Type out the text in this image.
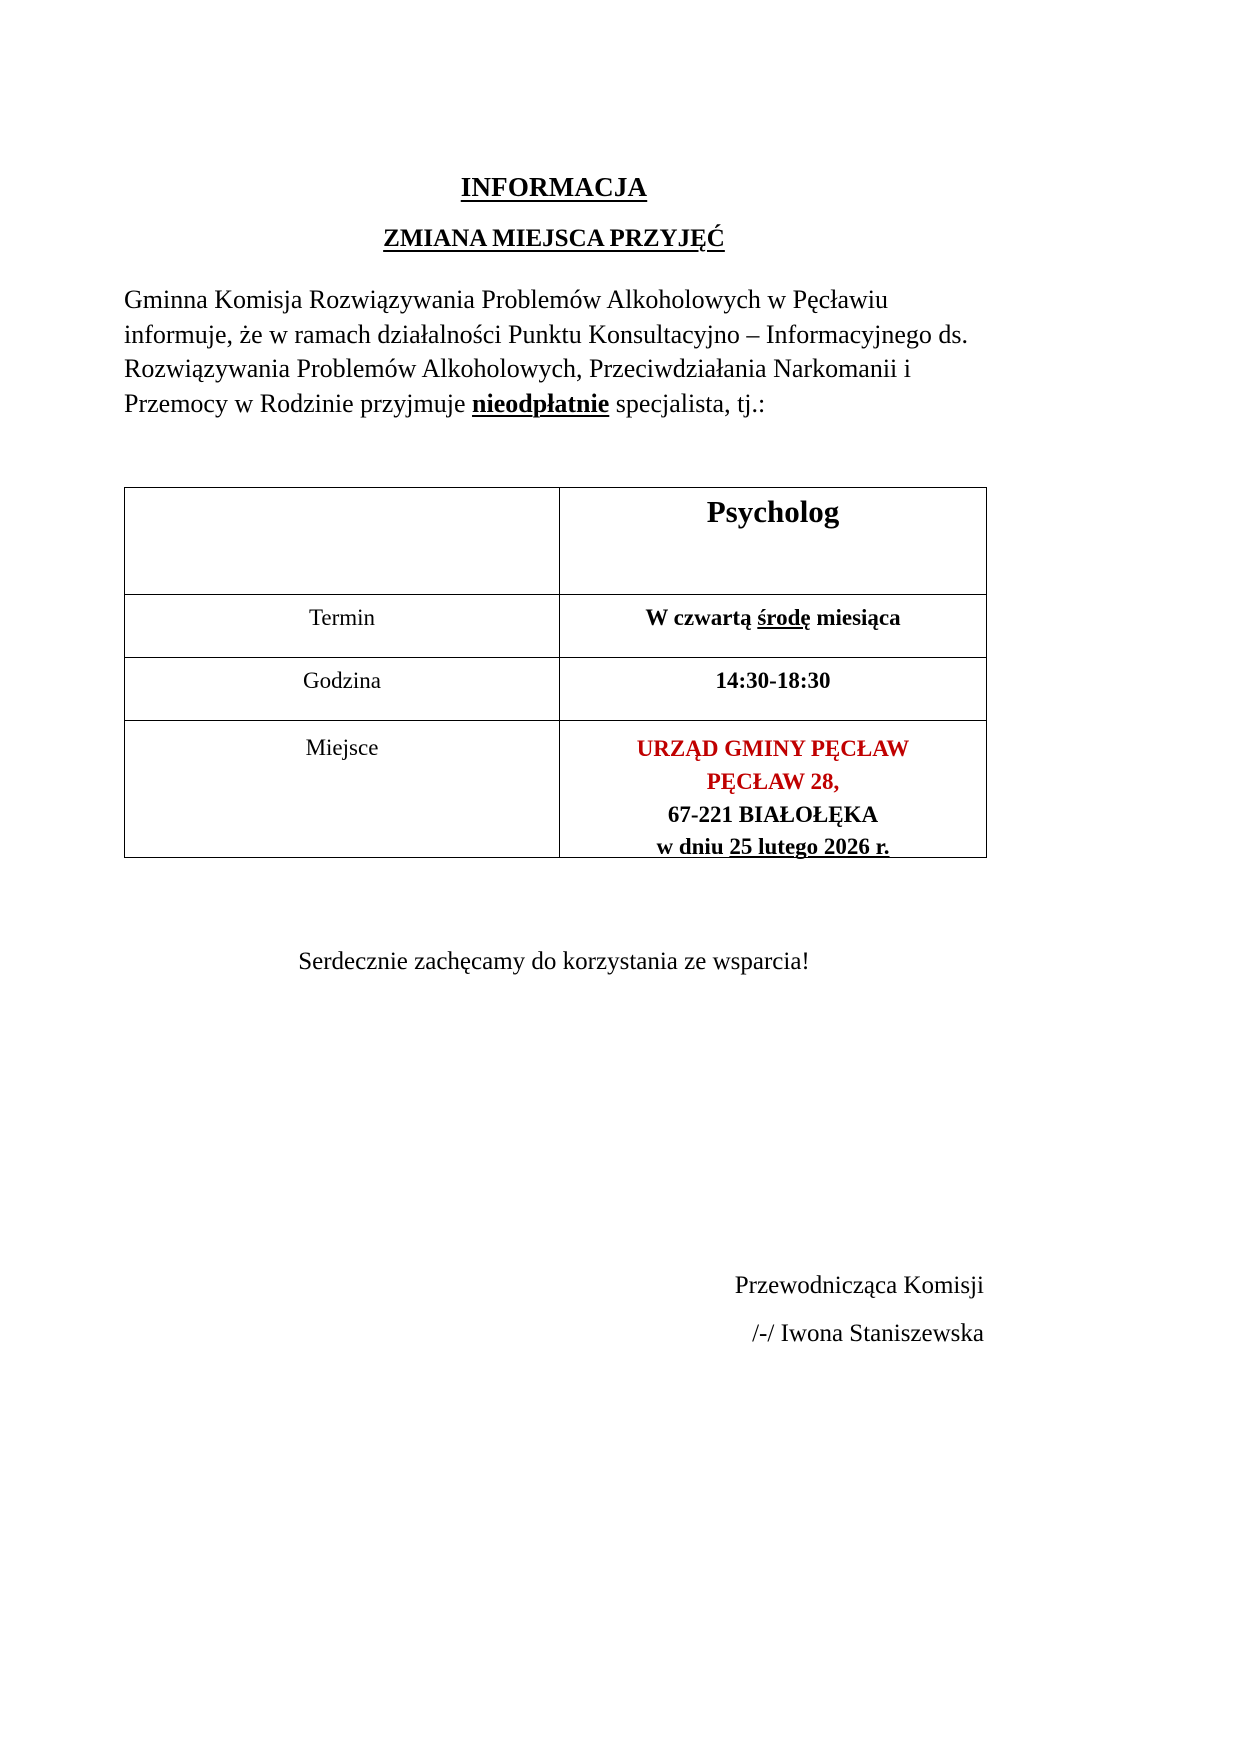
INFORMACJA
ZMIANA MIEJSCA PRZYJĘĆ

Gminna Komisja Rozwiązywania Problemów Alkoholowych w Pęcławiu informuje, że w ramach działalności Punktu Konsultacyjno – Informacyjnego ds. Rozwiązywania Problemów Alkoholowych, Przeciwdziałania Narkomanii i Przemocy w Rodzinie przyjmuje nieodpłatnie specjalista, tj.:

	Psycholog

Termin	W czwartą środę miesiąca

Godzina	14:30-18:30

Miejsce	URZĄD GMINY PĘCŁAW
PĘCŁAW 28,
67-221 BIAŁOŁĘKA
w dniu 25 lutego 2026 r.

Serdecznie zachęcamy do korzystania ze wsparcia!

Przewodnicząca Komisji
/-/ Iwona Staniszewska
